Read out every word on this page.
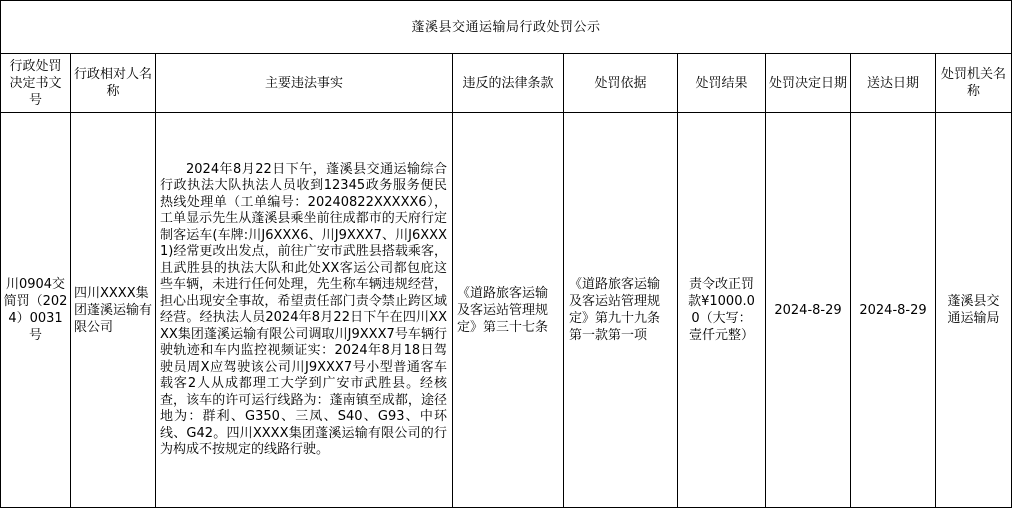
蓬溪县交通运输局行政处罚公示								

行政处罚决定书文号	行政相对人名称	主要违法事实	违反的法律条款	处罚依据	处罚结果	处罚决定日期	送达日期	处罚机关名称

川0904交简罚（2024）0031号	四川XXXX集团蓬溪运输有限公司	2024年8月22日下午，蓬溪县交通运输综合行政执法大队执法人员收到12345政务服务便民热线处理单（工单编号：20240822XXXXX6），工单显示先生从蓬溪县乘坐前往成都市的天府行定制客运车(车牌:川J6XXX6、川J9XXX7、川J6XXX1)经常更改出发点，前往广安市武胜县搭载乘客，且武胜县的执法大队和此处XX客运公司都包庇这些车辆，未进行任何处理，先生称车辆违规经营，担心出现安全事故，希望责任部门责令禁止跨区域经营。经执法人员2024年8月22日下午在四川XXXX集团蓬溪运输有限公司调取川J9XXX7号车辆行驶轨迹和车内监控视频证实：2024年8月18日驾驶员周X应驾驶该公司川J9XXX7号小型普通客车载客2人从成都理工大学到广安市武胜县。经核查，该车的许可运行线路为：蓬南镇至成都，途径地为：群利、G350、三凤、S40、G93、中环线、G42。四川XXXX集团蓬溪运输有限公司的行为构成不按规定的线路行驶。	《道路旅客运输及客运站管理规定》第三十七条	《道路旅客运输及客运站管理规定》第九十九条第一款第一项	责令改正罚款¥1000.00（大写：壹仟元整）	2024-8-29	2024-8-29	蓬溪县交通运输局
